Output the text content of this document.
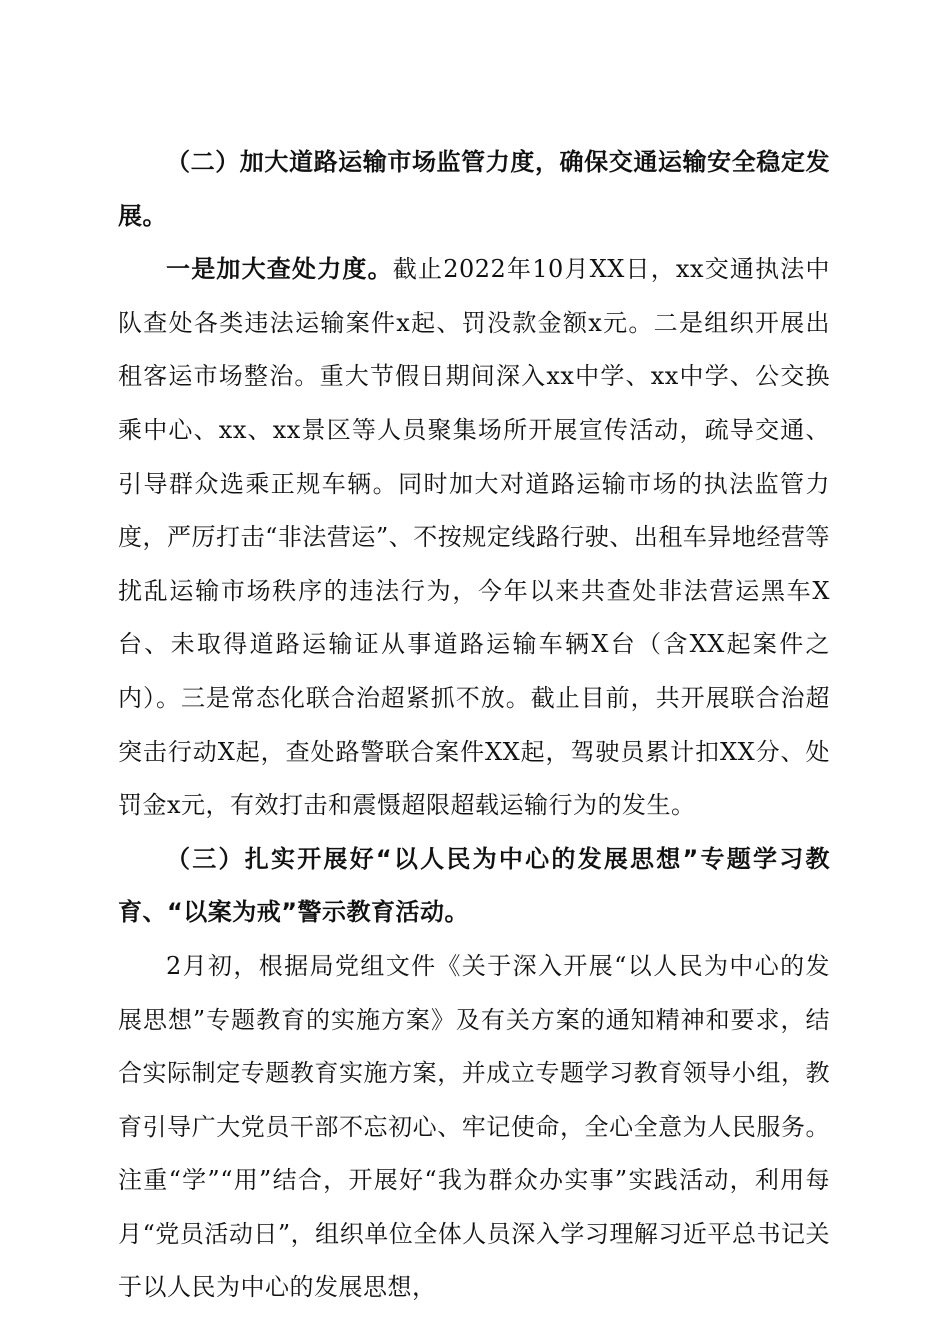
（二）加大道路运输市场监管力度，确保交通运输安全稳定发展。

一是加大查处力度。截止2022年10月XX日，xx交通执法中队查处各类违法运输案件x起、罚没款金额x元。二是组织开展出租客运市场整治。重大节假日期间深入xx中学、xx中学、公交换乘中心、xx、xx景区等人员聚集场所开展宣传活动，疏导交通、引导群众选乘正规车辆。同时加大对道路运输市场的执法监管力度，严厉打击“非法营运”、不按规定线路行驶、出租车异地经营等扰乱运输市场秩序的违法行为，今年以来共查处非法营运黑车X台、未取得道路运输证从事道路运输车辆X台（含XX起案件之内）。三是常态化联合治超紧抓不放。截止目前，共开展联合治超突击行动X起，查处路警联合案件XX起，驾驶员累计扣XX分、处罚金x元，有效打击和震慑超限超载运输行为的发生。

（三）扎实开展好“以人民为中心的发展思想”专题学习教育、“以案为戒”警示教育活动。

2月初，根据局党组文件《关于深入开展“以人民为中心的发展思想”专题教育的实施方案》及有关方案的通知精神和要求，结合实际制定专题教育实施方案，并成立专题学习教育领导小组，教育引导广大党员干部不忘初心、牢记使命，全心全意为人民服务。注重“学”“用”结合，开展好“我为群众办实事”实践活动，利用每月“党员活动日”，组织单位全体人员深入学习理解习近平总书记关于以人民为中心的发展思想，
